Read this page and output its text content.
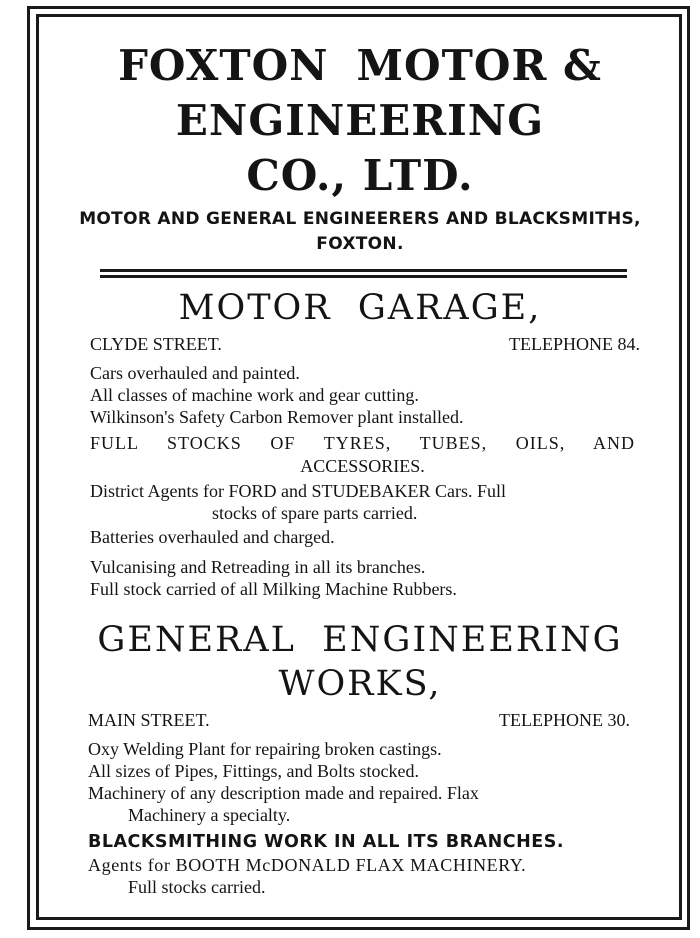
FOXTON MOTOR &

ENGINEERING

CO., LTD.

MOTOR AND GENERAL ENGINEERERS AND BLACKSMITHS,

FOXTON.

MOTOR  GARAGE,

CLYDE STREET.	TELEPHONE 84.

Cars overhauled and painted.

All classes of machine work and gear cutting.

Wilkinson's Safety Carbon Remover plant installed.

FULL STOCKS OF TYRES, TUBES, OILS, AND

ACCESSORIES.

District Agents for FORD and STUDEBAKER Cars. Full

stocks of spare parts carried.

Batteries overhauled and charged.

Vulcanising and Retreading in all its branches.

Full stock carried of all Milking Machine Rubbers.

GENERAL  ENGINEERING

WORKS,

MAIN STREET.	TELEPHONE 30.

Oxy Welding Plant for repairing broken castings.

All sizes of Pipes, Fittings, and Bolts stocked.

Machinery of any description made and repaired. Flax

Machinery a specialty.

BLACKSMITHING WORK IN ALL ITS BRANCHES.

Agents for BOOTH McDONALD FLAX MACHINERY.

Full stocks carried.
